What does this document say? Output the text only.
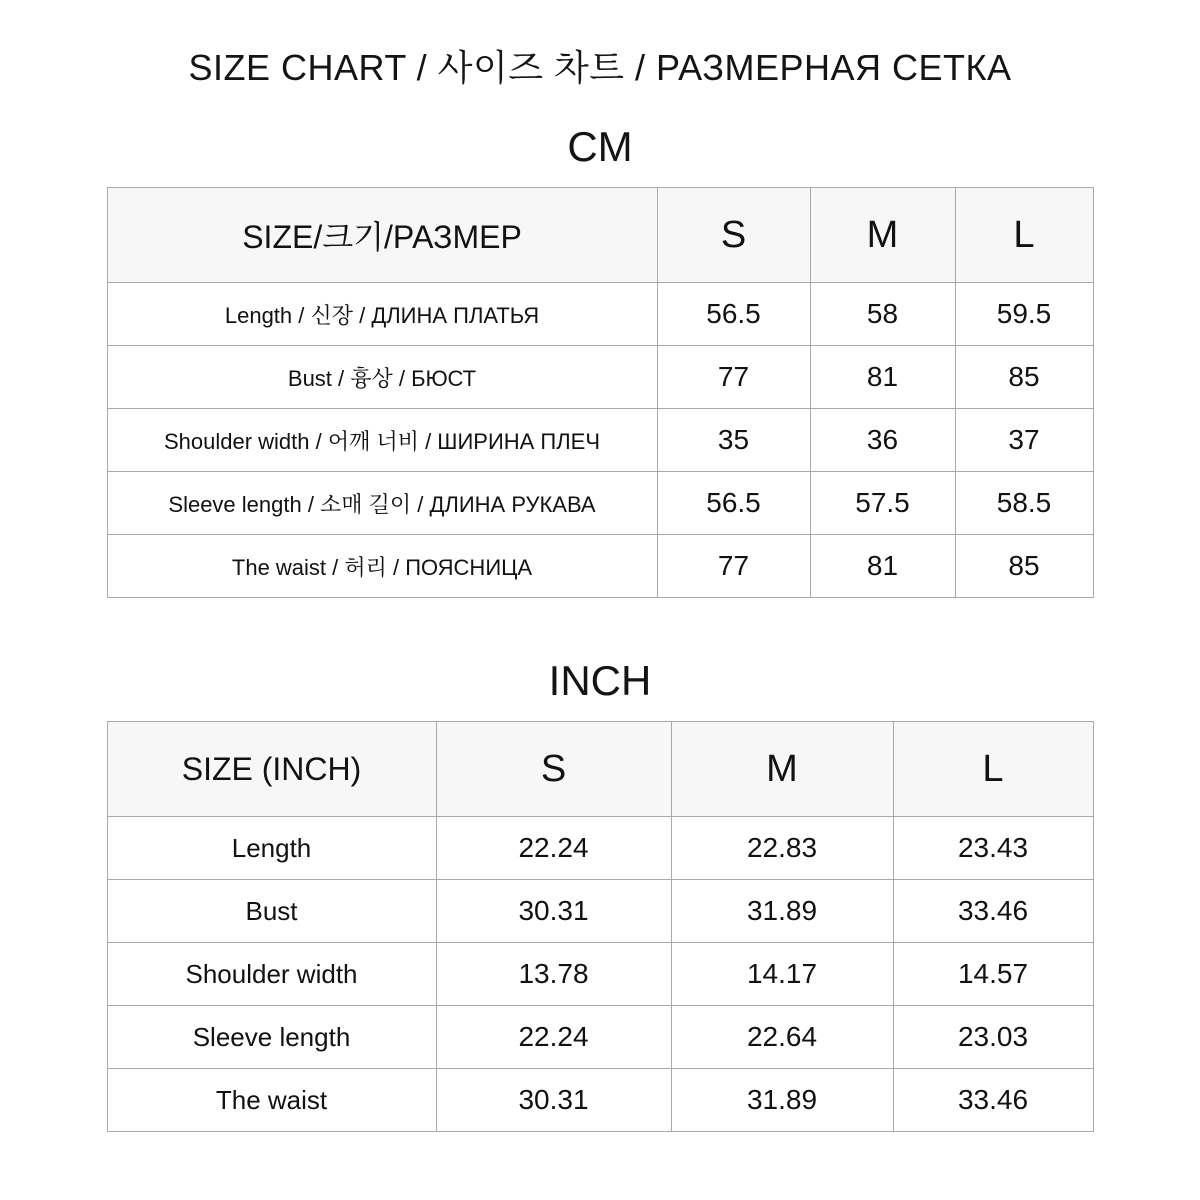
SIZE CHART / 사이즈 차트 / РАЗМЕРНАЯ СЕТКА
CM
SIZE/크기/РАЗМЕР	S	M	L
Length / 신장 / ДЛИНА ПЛАТЬЯ	56.5	58	59.5
Bust / 흉상 / БЮСТ	77	81	85
Shoulder width / 어깨 너비 / ШИРИНА ПЛЕЧ	35	36	37
Sleeve length / 소매 길이 / ДЛИНА РУКАВА	56.5	57.5	58.5
The waist / 허리 / ПОЯСНИЦА	77	81	85
INCH
SIZE (INCH)	S	M	L
Length	22.24	22.83	23.43
Bust	30.31	31.89	33.46
Shoulder width	13.78	14.17	14.57
Sleeve length	22.24	22.64	23.03
The waist	30.31	31.89	33.46
